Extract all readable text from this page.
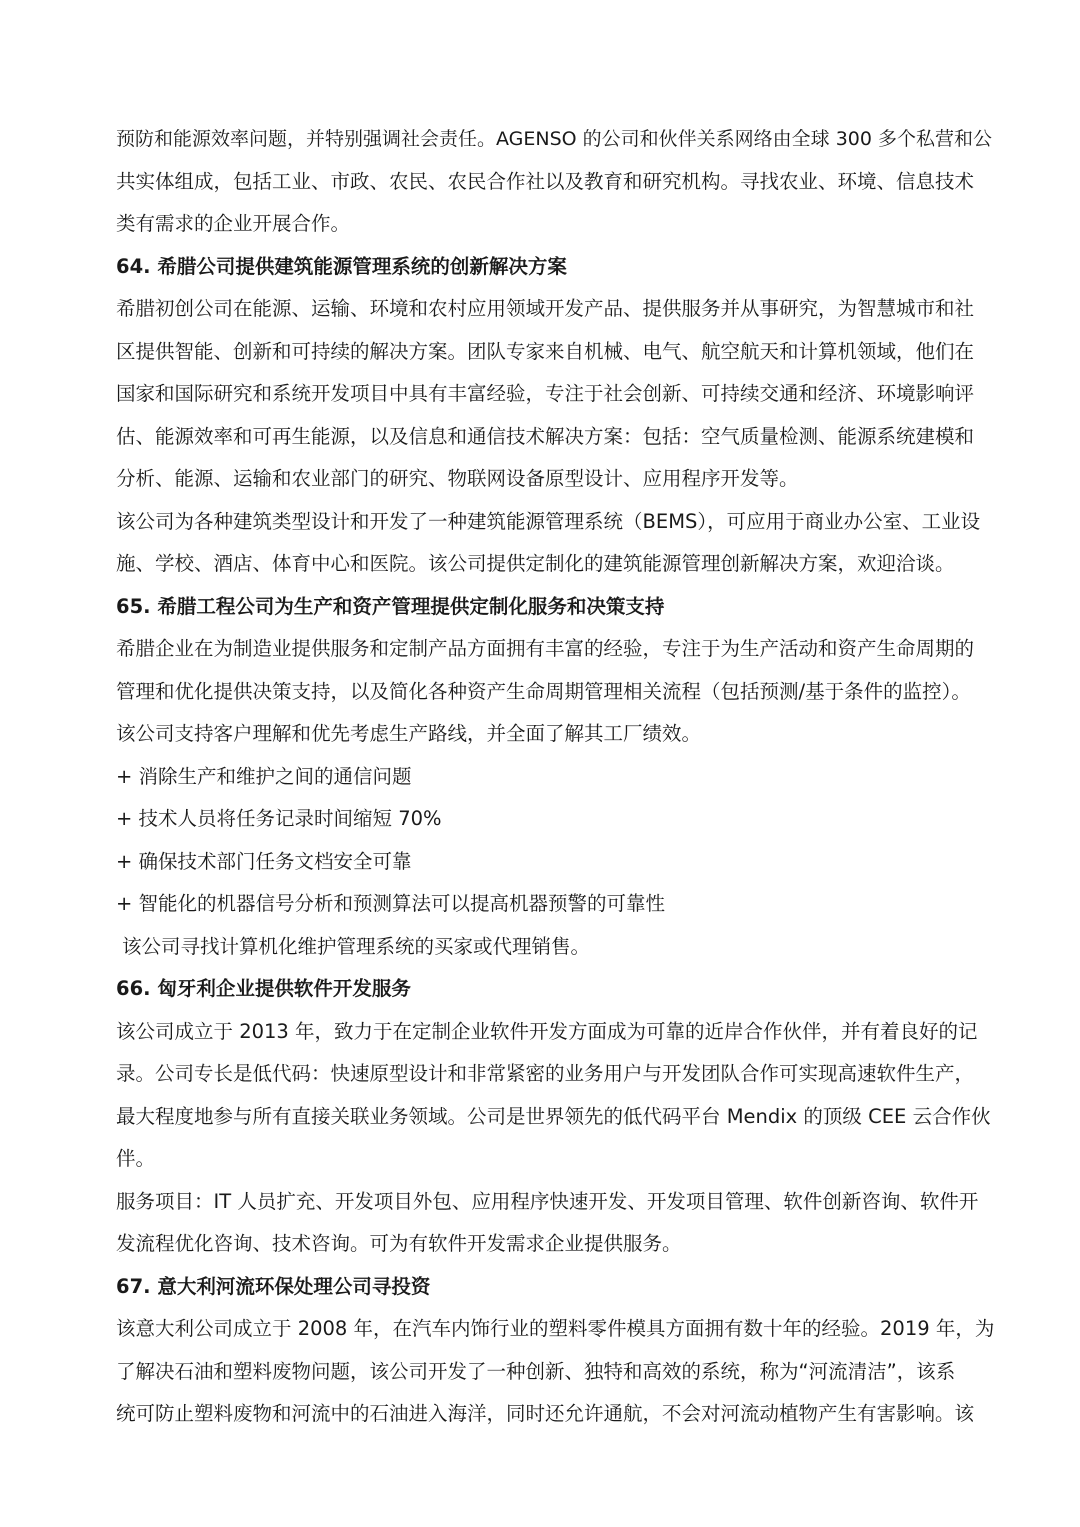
预防和能源效率问题，并特别强调社会责任。AGENSO 的公司和伙伴关系网络由全球 300 多个私营和公
共实体组成，包括工业、市政、农民、农民合作社以及教育和研究机构。寻找农业、环境、信息技术
类有需求的企业开展合作。
64. 希腊公司提供建筑能源管理系统的创新解决方案
希腊初创公司在能源、运输、环境和农村应用领域开发产品、提供服务并从事研究，为智慧城市和社
区提供智能、创新和可持续的解决方案。团队专家来自机械、电气、航空航天和计算机领域，他们在
国家和国际研究和系统开发项目中具有丰富经验，专注于社会创新、可持续交通和经济、环境影响评
估、能源效率和可再生能源，以及信息和通信技术解决方案：包括：空气质量检测、能源系统建模和
分析、能源、运输和农业部门的研究、物联网设备原型设计、应用程序开发等。
该公司为各种建筑类型设计和开发了一种建筑能源管理系统（BEMS），可应用于商业办公室、工业设
施、学校、酒店、体育中心和医院。该公司提供定制化的建筑能源管理创新解决方案，欢迎洽谈。
65. 希腊工程公司为生产和资产管理提供定制化服务和决策支持
希腊企业在为制造业提供服务和定制产品方面拥有丰富的经验，专注于为生产活动和资产生命周期的
管理和优化提供决策支持，以及简化各种资产生命周期管理相关流程（包括预测/基于条件的监控）。
该公司支持客户理解和优先考虑生产路线，并全面了解其工厂绩效。
+ 消除生产和维护之间的通信问题
+ 技术人员将任务记录时间缩短 70%
+ 确保技术部门任务文档安全可靠
+ 智能化的机器信号分析和预测算法可以提高机器预警的可靠性
该公司寻找计算机化维护管理系统的买家或代理销售。
66. 匈牙利企业提供软件开发服务
该公司成立于 2013 年，致力于在定制企业软件开发方面成为可靠的近岸合作伙伴，并有着良好的记
录。公司专长是低代码：快速原型设计和非常紧密的业务用户与开发团队合作可实现高速软件生产，
最大程度地参与所有直接关联业务领域。公司是世界领先的低代码平台 Mendix 的顶级 CEE 云合作伙
伴。
服务项目：IT 人员扩充、开发项目外包、应用程序快速开发、开发项目管理、软件创新咨询、软件开
发流程优化咨询、技术咨询。可为有软件开发需求企业提供服务。
67. 意大利河流环保处理公司寻投资
该意大利公司成立于 2008 年，在汽车内饰行业的塑料零件模具方面拥有数十年的经验。2019 年，为
了解决石油和塑料废物问题，该公司开发了一种创新、独特和高效的系统，称为“河流清洁”，该系
统可防止塑料废物和河流中的石油进入海洋，同时还允许通航，不会对河流动植物产生有害影响。该
